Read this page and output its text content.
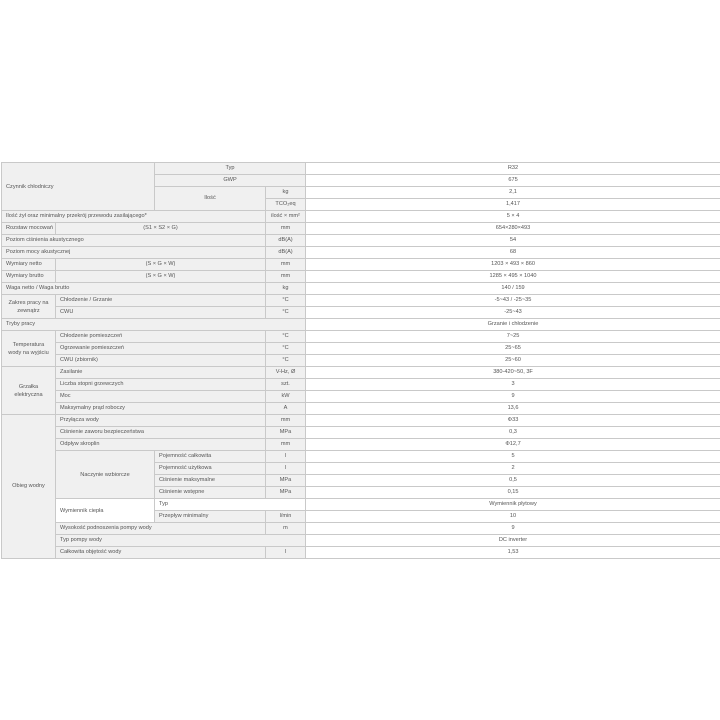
Czynnik chłodniczy		Typ		R32
		GWP		675
		Ilość	kg	2,1
			TCO₂eq	1,417
Ilość żył oraz minimalny przekrój przewodu zasilającego*			ilość × mm²	5 × 4
Rozstaw mocowań	(S1 × S2 × G)		mm	654×280×493
Poziom ciśnienia akustycznego			dB(A)	54
Poziom mocy akustycznej			dB(A)	68
Wymiary netto	(S × G × W)		mm	1203 × 493 × 860
Wymiary brutto	(S × G × W)		mm	1285 × 495 × 1040
Waga netto / Waga brutto			kg	140 / 159
Zakres pracy na zewnątrz	Chłodzenie / Grzanie		°C	-5~43 / -25~35
	CWU		°C	-25~43
Tryby pracy				Grzanie i chłodzenie
Temperatura wody na wyjściu	Chłodzenie pomieszczeń		°C	7~25
	Ogrzewanie pomieszczeń		°C	25~65
	CWU (zbiornik)		°C	25~60
Grzałka elektryczna	Zasilanie		V-Hz, Ø	380-420~50, 3F
	Liczba stopni grzewczych		szt.	3
	Moc		kW	9
	Maksymalny prąd roboczy		A	13,6
Obieg wodny	Przyłącza wody		mm	Φ33
	Ciśnienie zaworu bezpieczeństwa		MPa	0,3
	Odpływ skroplin		mm	Φ12,7
	Naczynie wzbiorcze	Pojemność całkowita	l	5
		Pojemność użytkowa	l	2
		Ciśnienie maksymalne	MPa	0,5
		Ciśnienie wstępne	MPa	0,15
	Wymiennik ciepła	Typ		Wymiennik płytowy
		Przepływ minimalny	l/min	10
	Wysokość podnoszenia pompy wody		m	9
	Typ pompy wody			DC inverter
	Całkowita objętość wody		l	1,53
